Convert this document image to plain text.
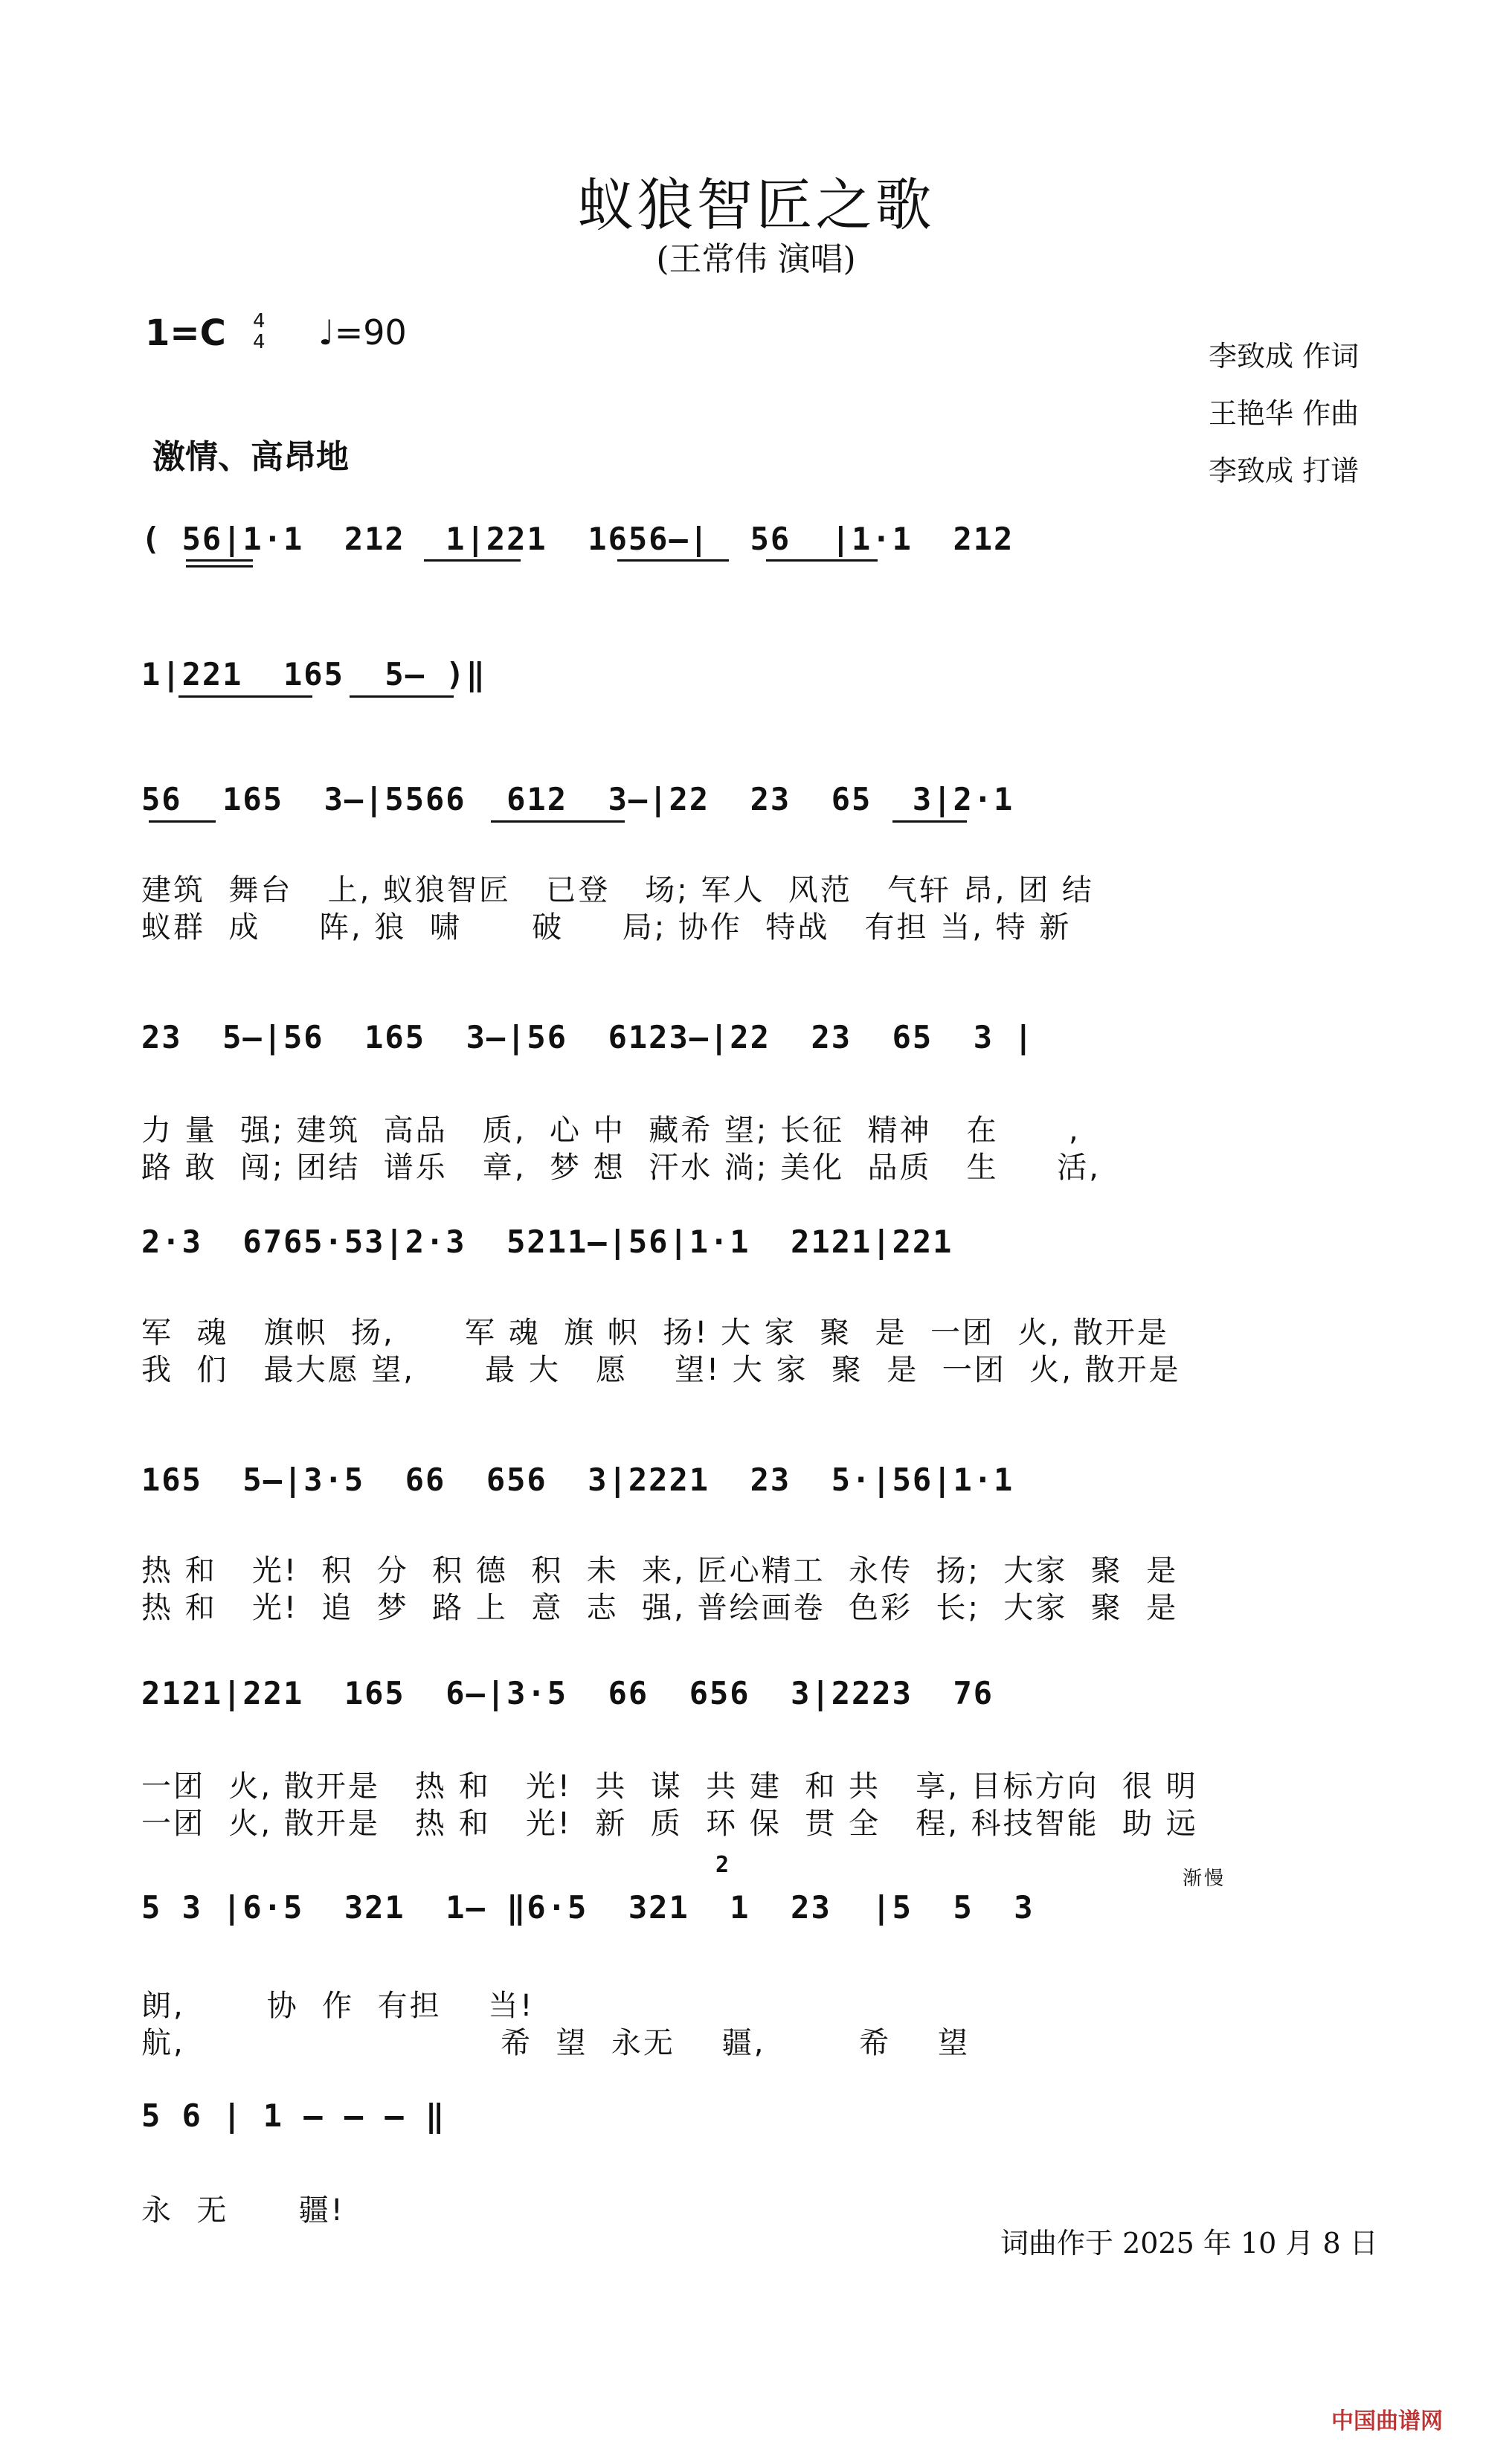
蚁狼智匠之歌
(王常伟 演唱)
1=C 4
4 ♩=90
李致成 作词
王艳华 作曲
李致成 打谱
激情、高昂地
( 56|1·1  212  1|221  1656—|  56  |1·1  212
1|221  165  5— )‖
56  165  3—|5566  612  3—|22  23  65  3|2·1
23  5—|56  165  3—|56  6123—|22  23  65  3 |
2·3  6765·53|2·3  5211—|56|1·1  2121|221
165  5—|3·5  66  656  3|2221  23  5·|56|1·1
2121|221  165  6—|3·5  66  656  3|2223  76
5 3 |6·5  321  1— ‖6·5  321  1  23  |5  5  3
5 6 | 1 — — — ‖
建筑  舞台   上, 蚁狼智匠   已登   场; 军人  风范   气轩 昂, 团 结
蚁群  成     阵, 狼  啸      破     局; 协作  特战   有担 当, 特 新
力 量  强; 建筑  高品   质,  心 中  藏希 望; 长征  精神   在      ,
路 敢  闯; 团结  谱乐   章,  梦 想  汗水 淌; 美化  品质   生     活,
军  魂   旗帜  扬,      军 魂  旗 帜  扬! 大 家  聚  是  一团  火, 散开是
我  们   最大愿 望,      最 大   愿    望! 大 家  聚  是  一团  火, 散开是
热 和   光!  积  分  积 德  积  未  来, 匠心精工  永传  扬;  大家  聚  是
热 和   光!  追  梦  路 上  意  志  强, 普绘画卷  色彩  长;  大家  聚  是
一团  火, 散开是   热 和   光!  共  谋  共 建  和 共   享, 目标方向  很 明
一团  火, 散开是   热 和   光!  新  质  环 保  贯 全   程, 科技智能  助 远
朗,       协  作  有担    当!
航,                           希  望  永无    疆,        希    望
永  无      疆!
2
渐慢
词曲作于 2025 年 10 月 8 日
中国曲谱网
